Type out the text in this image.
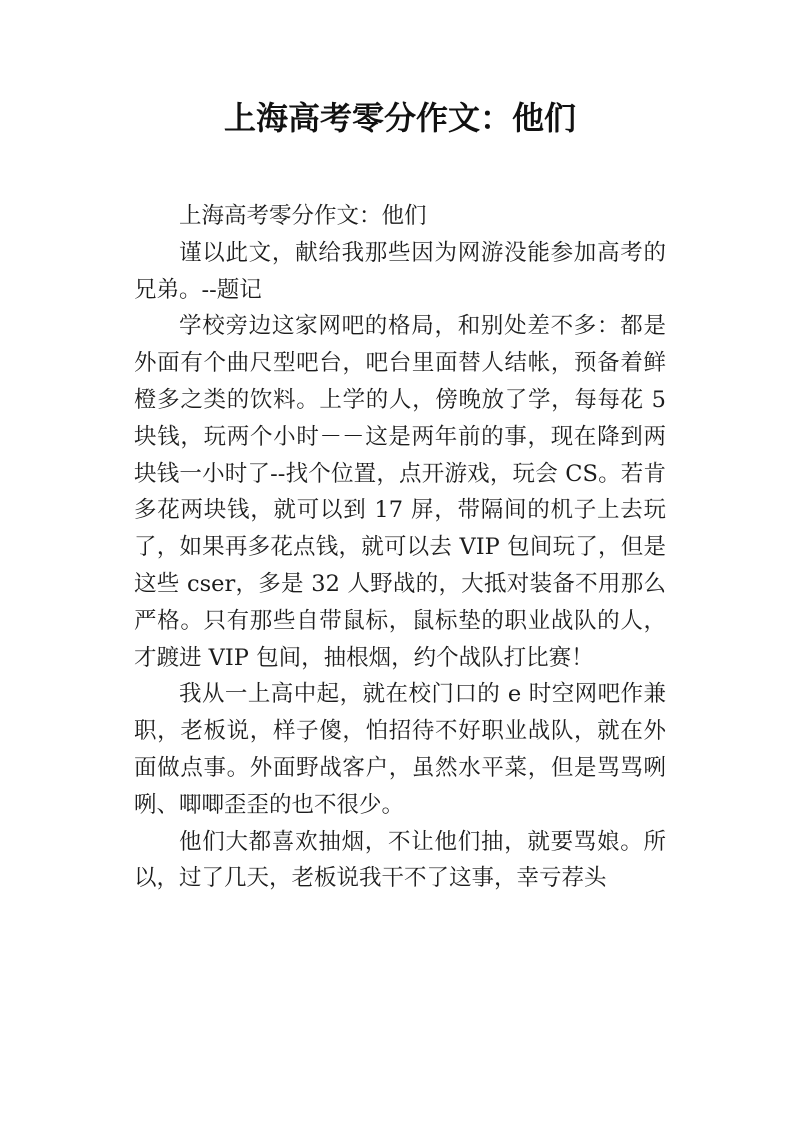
上海高考零分作文：他们

上海高考零分作文：他们

谨以此文，献给我那些因为网游没能参加高考的兄弟。--题记

学校旁边这家网吧的格局，和别处差不多：都是外面有个曲尺型吧台，吧台里面替人结帐，预备着鲜橙多之类的饮料。上学的人，傍晚放了学，每每花 5 块钱，玩两个小时－－这是两年前的事，现在降到两块钱一小时了--找个位置，点开游戏，玩会 CS。若肯多花两块钱，就可以到 17 屏，带隔间的机子上去玩了，如果再多花点钱，就可以去 VIP 包间玩了，但是这些 cser，多是 32 人野战的，大抵对装备不用那么严格。只有那些自带鼠标，鼠标垫的职业战队的人，才踱进 VIP 包间，抽根烟，约个战队打比赛！

我从一上高中起，就在校门口的 e 时空网吧作兼职，老板说，样子傻，怕招待不好职业战队，就在外面做点事。外面野战客户，虽然水平菜，但是骂骂咧咧、唧唧歪歪的也不很少。

他们大都喜欢抽烟，不让他们抽，就要骂娘。所以，过了几天，老板说我干不了这事，幸亏荐头
